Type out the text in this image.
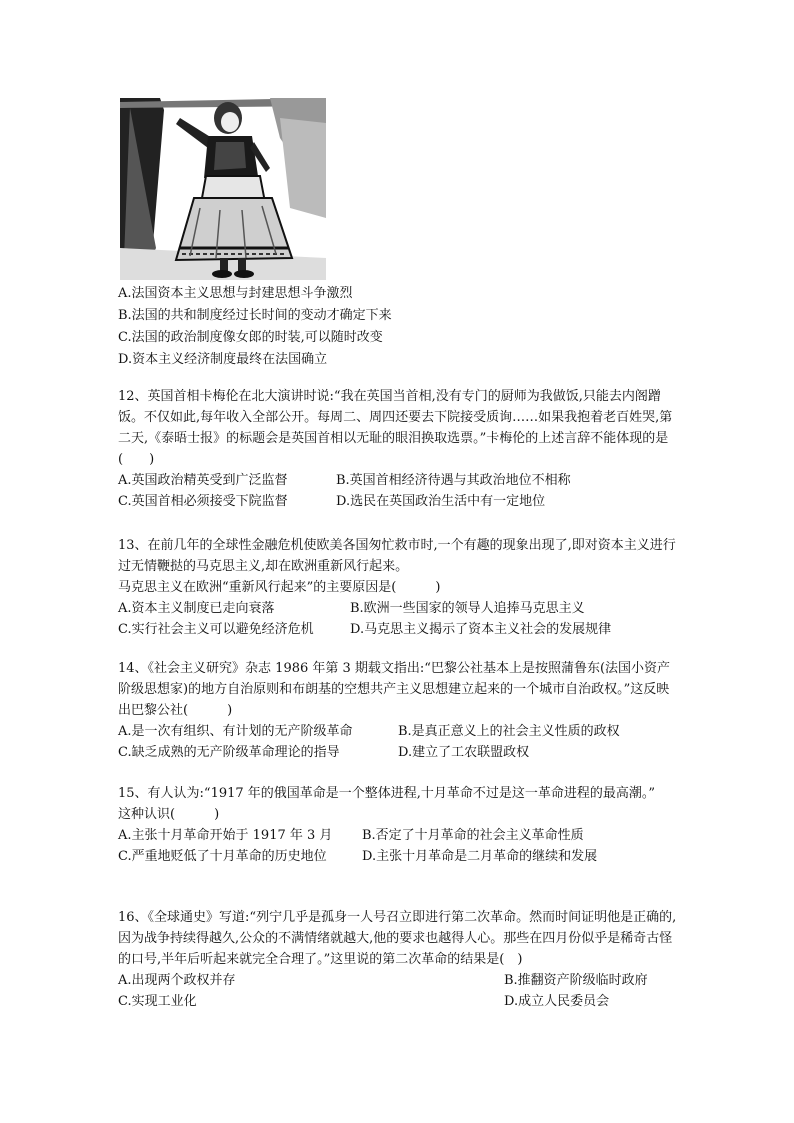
A.法国资本主义思想与封建思想斗争激烈
B.法国的共和制度经过长时间的变动才确定下来
C.法国的政治制度像女郎的时装,可以随时改变
D.资本主义经济制度最终在法国确立

12、英国首相卡梅伦在北大演讲时说:“我在英国当首相,没有专门的厨师为我做饭,只能去内阁蹭饭。不仅如此,每年收入全部公开。每周二、周四还要去下院接受质询……如果我抱着老百姓哭,第二天,《泰晤士报》的标题会是英国首相以无耻的眼泪换取选票。”卡梅伦的上述言辞不能体现的是(　　)

A.英国政治精英受到广泛监督	B.英国首相经济待遇与其政治地位不相称
C.英国首相必须接受下院监督	D.选民在英国政治生活中有一定地位

13、在前几年的全球性金融危机使欧美各国匆忙救市时,一个有趣的现象出现了,即对资本主义进行过无情鞭挞的马克思主义,却在欧洲重新风行起来。

马克思主义在欧洲“重新风行起来”的主要原因是(　　　)

A.资本主义制度已走向衰落	B.欧洲一些国家的领导人追捧马克思主义
C.实行社会主义可以避免经济危机	D.马克思主义揭示了资本主义社会的发展规律

14、《社会主义研究》杂志 1986 年第 3 期载文指出:“巴黎公社基本上是按照蒲鲁东(法国小资产阶级思想家)的地方自治原则和布朗基的空想共产主义思想建立起来的一个城市自治政权。”这反映出巴黎公社(　　　)

A.是一次有组织、有计划的无产阶级革命	B.是真正意义上的社会主义性质的政权
C.缺乏成熟的无产阶级革命理论的指导	D.建立了工农联盟政权

15、有人认为:“1917 年的俄国革命是一个整体进程,十月革命不过是这一革命进程的最高潮。”

这种认识(　　　)

A.主张十月革命开始于 1917 年 3 月	B.否定了十月革命的社会主义革命性质
C.严重地贬低了十月革命的历史地位	D.主张十月革命是二月革命的继续和发展

16、《全球通史》写道:“列宁几乎是孤身一人号召立即进行第二次革命。然而时间证明他是正确的,因为战争持续得越久,公众的不满情绪就越大,他的要求也越得人心。那些在四月份似乎是稀奇古怪的口号,半年后听起来就完全合理了。”这里说的第二次革命的结果是(　)

A.出现两个政权并存	B.推翻资产阶级临时政府
C.实现工业化	D.成立人民委员会
